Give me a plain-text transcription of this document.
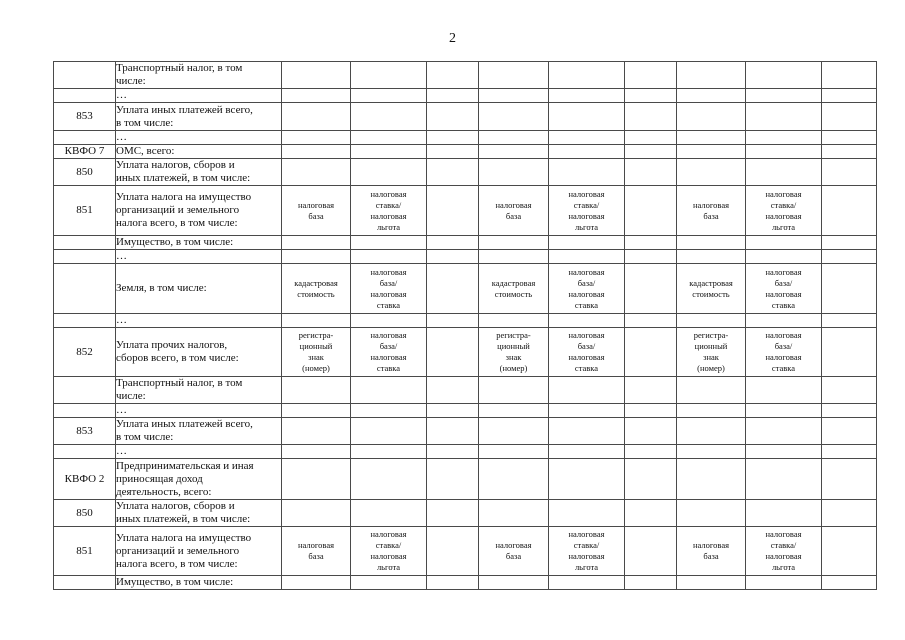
2

	Транспортный налог, в том
числе:									

	…									

853	Уплата иных платежей всего,
в том числе:									

	…									

КВФО 7	ОМС, всего:									

850	Уплата налогов, сборов и
иных платежей, в том числе:									

851	Уплата налога на имущество
организаций и земельного
налога всего, в том числе:	налоговая
база	налоговая
ставка/
налоговая
льгота		налоговая
база	налоговая
ставка/
налоговая
льгота		налоговая
база	налоговая
ставка/
налоговая
льгота	

	Имущество, в том числе:									

	…									

	Земля, в том числе:	кадастровая
стоимость	налоговая
база/
налоговая
ставка		кадастровая
стоимость	налоговая
база/
налоговая
ставка		кадастровая
стоимость	налоговая
база/
налоговая
ставка	

	…									

852	Уплата прочих налогов,
сборов всего, в том числе:	регистра-
ционный
знак
(номер)	налоговая
база/
налоговая
ставка		регистра-
ционный
знак
(номер)	налоговая
база/
налоговая
ставка		регистра-
ционный
знак
(номер)	налоговая
база/
налоговая
ставка	

	Транспортный налог, в том
числе:									

	…									

853	Уплата иных платежей всего,
в том числе:									

	…									

КВФО 2	Предпринимательская и иная
приносящая доход
деятельность, всего:									

850	Уплата налогов, сборов и
иных платежей, в том числе:									

851	Уплата налога на имущество
организаций и земельного
налога всего, в том числе:	налоговая
база	налоговая
ставка/
налоговая
льгота		налоговая
база	налоговая
ставка/
налоговая
льгота		налоговая
база	налоговая
ставка/
налоговая
льгота	

	Имущество, в том числе:									
